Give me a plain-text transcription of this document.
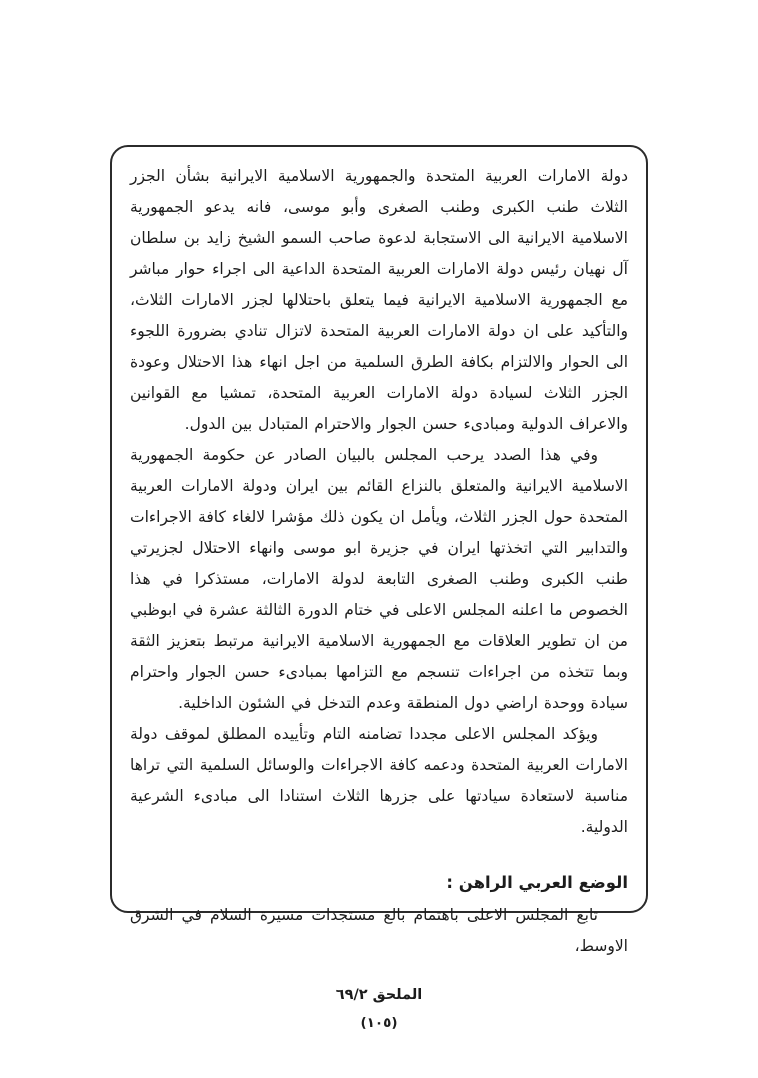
دولة الامارات العربية المتحدة والجمهورية الاسلامية الايرانية بشأن الجزر الثلاث طنب الكبرى وطنب الصغرى وأبو موسى، فانه يدعو الجمهورية الاسلامية الايرانية الى الاستجابة لدعوة صاحب السمو الشيخ زايد بن سلطان آل نهيان رئيس دولة الامارات العربية المتحدة الداعية الى اجراء حوار مباشر مع الجمهورية الاسلامية الايرانية فيما يتعلق باحتلالها لجزر الامارات الثلاث، والتأكيد على ان دولة الامارات العربية المتحدة لاتزال تنادي بضرورة اللجوء الى الحوار والالتزام بكافة الطرق السلمية من اجل انهاء هذا الاحتلال وعودة الجزر الثلاث لسيادة دولة الامارات العربية المتحدة، تمشيا مع القوانين والاعراف الدولية ومبادىء حسن الجوار والاحترام المتبادل بين الدول.

وفي هذا الصدد يرحب المجلس بالبيان الصادر عن حكومة الجمهورية الاسلامية الايرانية والمتعلق بالنزاع القائم بين ايران ودولة الامارات العربية المتحدة حول الجزر الثلاث، ويأمل ان يكون ذلك مؤشرا لالغاء كافة الاجراءات والتدابير التي اتخذتها ايران في جزيرة ابو موسى وانهاء الاحتلال لجزيرتي طنب الكبرى وطنب الصغرى التابعة لدولة الامارات، مستذكرا في هذا الخصوص ما اعلنه المجلس الاعلى في ختام الدورة الثالثة عشرة في ابوظبي من ان تطوير العلاقات مع الجمهورية الاسلامية الايرانية مرتبط بتعزيز الثقة وبما تتخذه من اجراءات تنسجم مع التزامها بمبادىء حسن الجوار واحترام سيادة ووحدة اراضي دول المنطقة وعدم التدخل في الشئون الداخلية.

ويؤكد المجلس الاعلى مجددا تضامنه التام وتأييده المطلق لموقف دولة الامارات العربية المتحدة ودعمه كافة الاجراءات والوسائل السلمية التي تراها مناسبة لاستعادة سيادتها على جزرها الثلاث استنادا الى مبادىء الشرعية الدولية.

الوضع العربي الراهن :

تابع المجلس الاعلى باهتمام بالغ مستجدات مسيرة السلام في الشرق الاوسط،

الملحق ٦٩/٢
(١٠٥)
